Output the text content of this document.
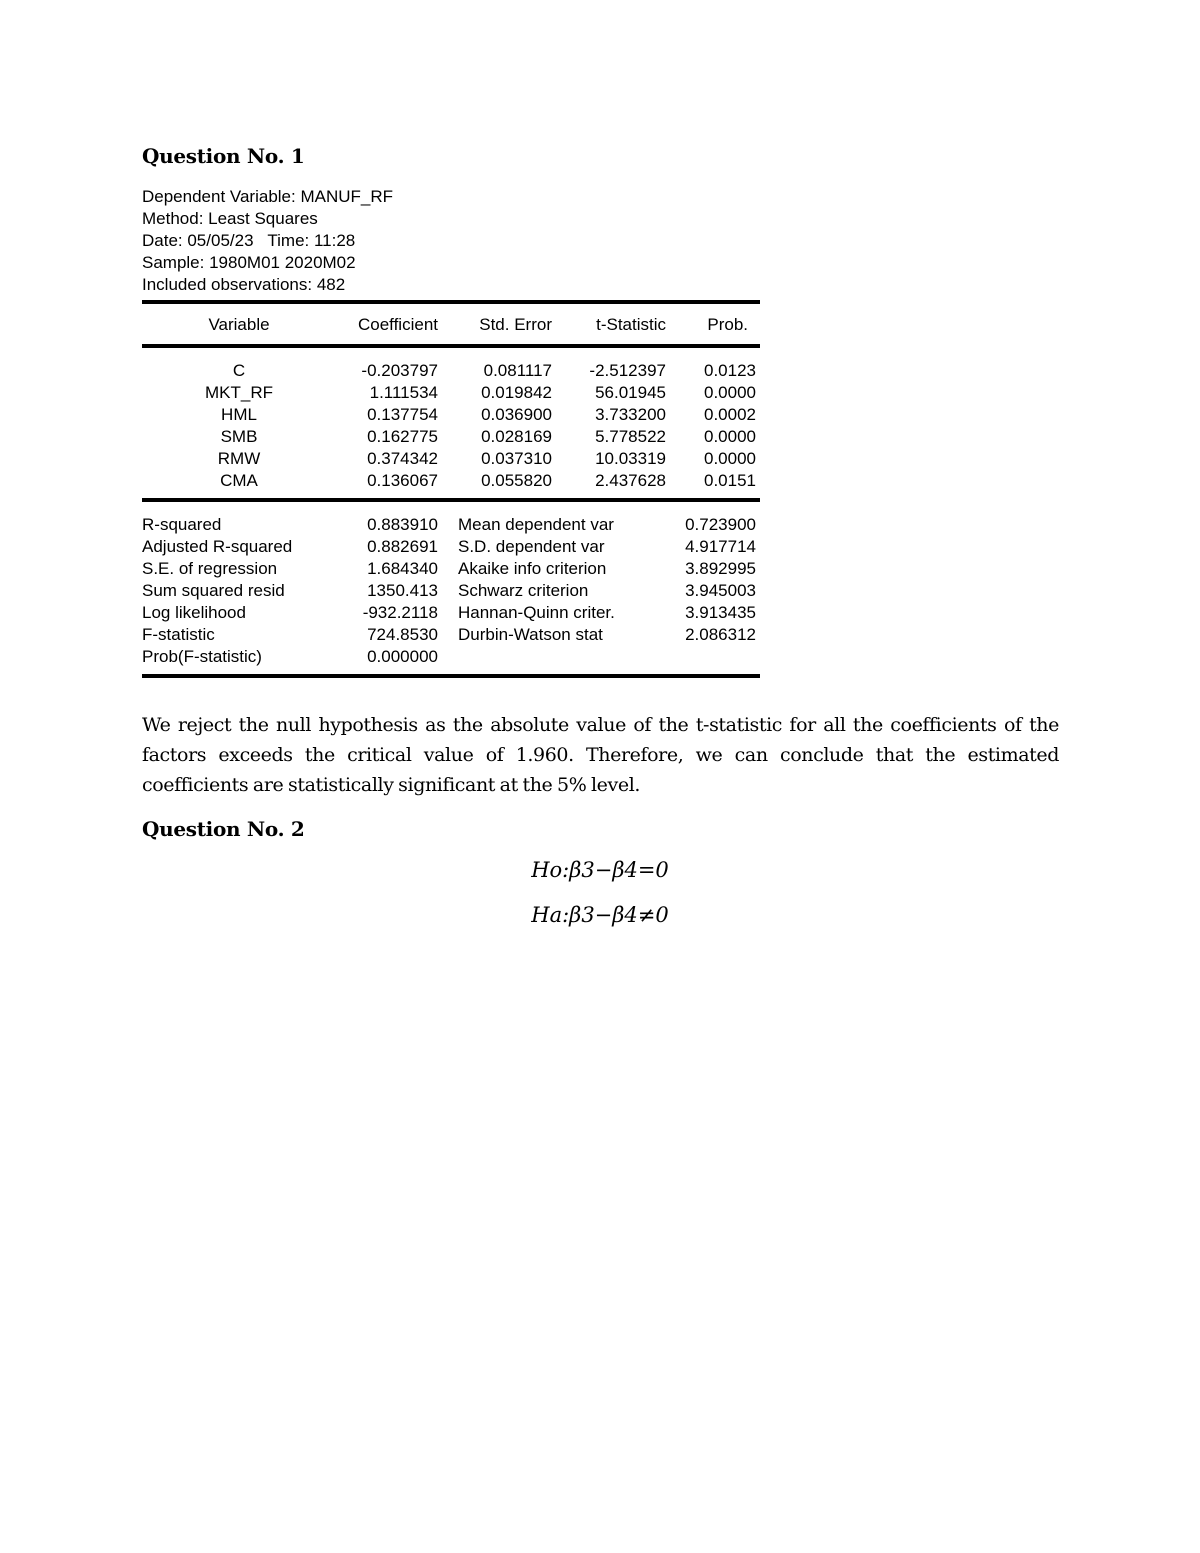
Question No. 1
Dependent Variable: MANUF_RF
Method: Least Squares
Date: 05/05/23   Time: 11:28
Sample: 1980M01 2020M02
Included observations: 482
Variable	Coefficient	Std. Error	t-Statistic	Prob.
C	-0.203797	0.081117	-2.512397	0.0123
MKT_RF	1.111534	0.019842	56.01945	0.0000
HML	0.137754	0.036900	3.733200	0.0002
SMB	0.162775	0.028169	5.778522	0.0000
RMW	0.374342	0.037310	10.03319	0.0000
CMA	0.136067	0.055820	2.437628	0.0151
R-squared	0.883910 Mean dependent var	0.723900
Adjusted R-squared	0.882691 S.D. dependent var	4.917714
S.E. of regression	1.684340 Akaike info criterion	3.892995
Sum squared resid	1350.413 Schwarz criterion	3.945003
Log likelihood	-932.2118 Hannan-Quinn criter.	3.913435
F-statistic	724.8530 Durbin-Watson stat	2.086312
Prob(F-statistic)	0.000000
We reject the null hypothesis as the absolute value of the t-statistic for all the coefficients of the factors exceeds the critical value of 1.960. Therefore, we can conclude that the estimated coefficients are statistically significant at the 5% level.
Question No. 2
Ho:β3−β4=0
Ha:β3−β4≠0
